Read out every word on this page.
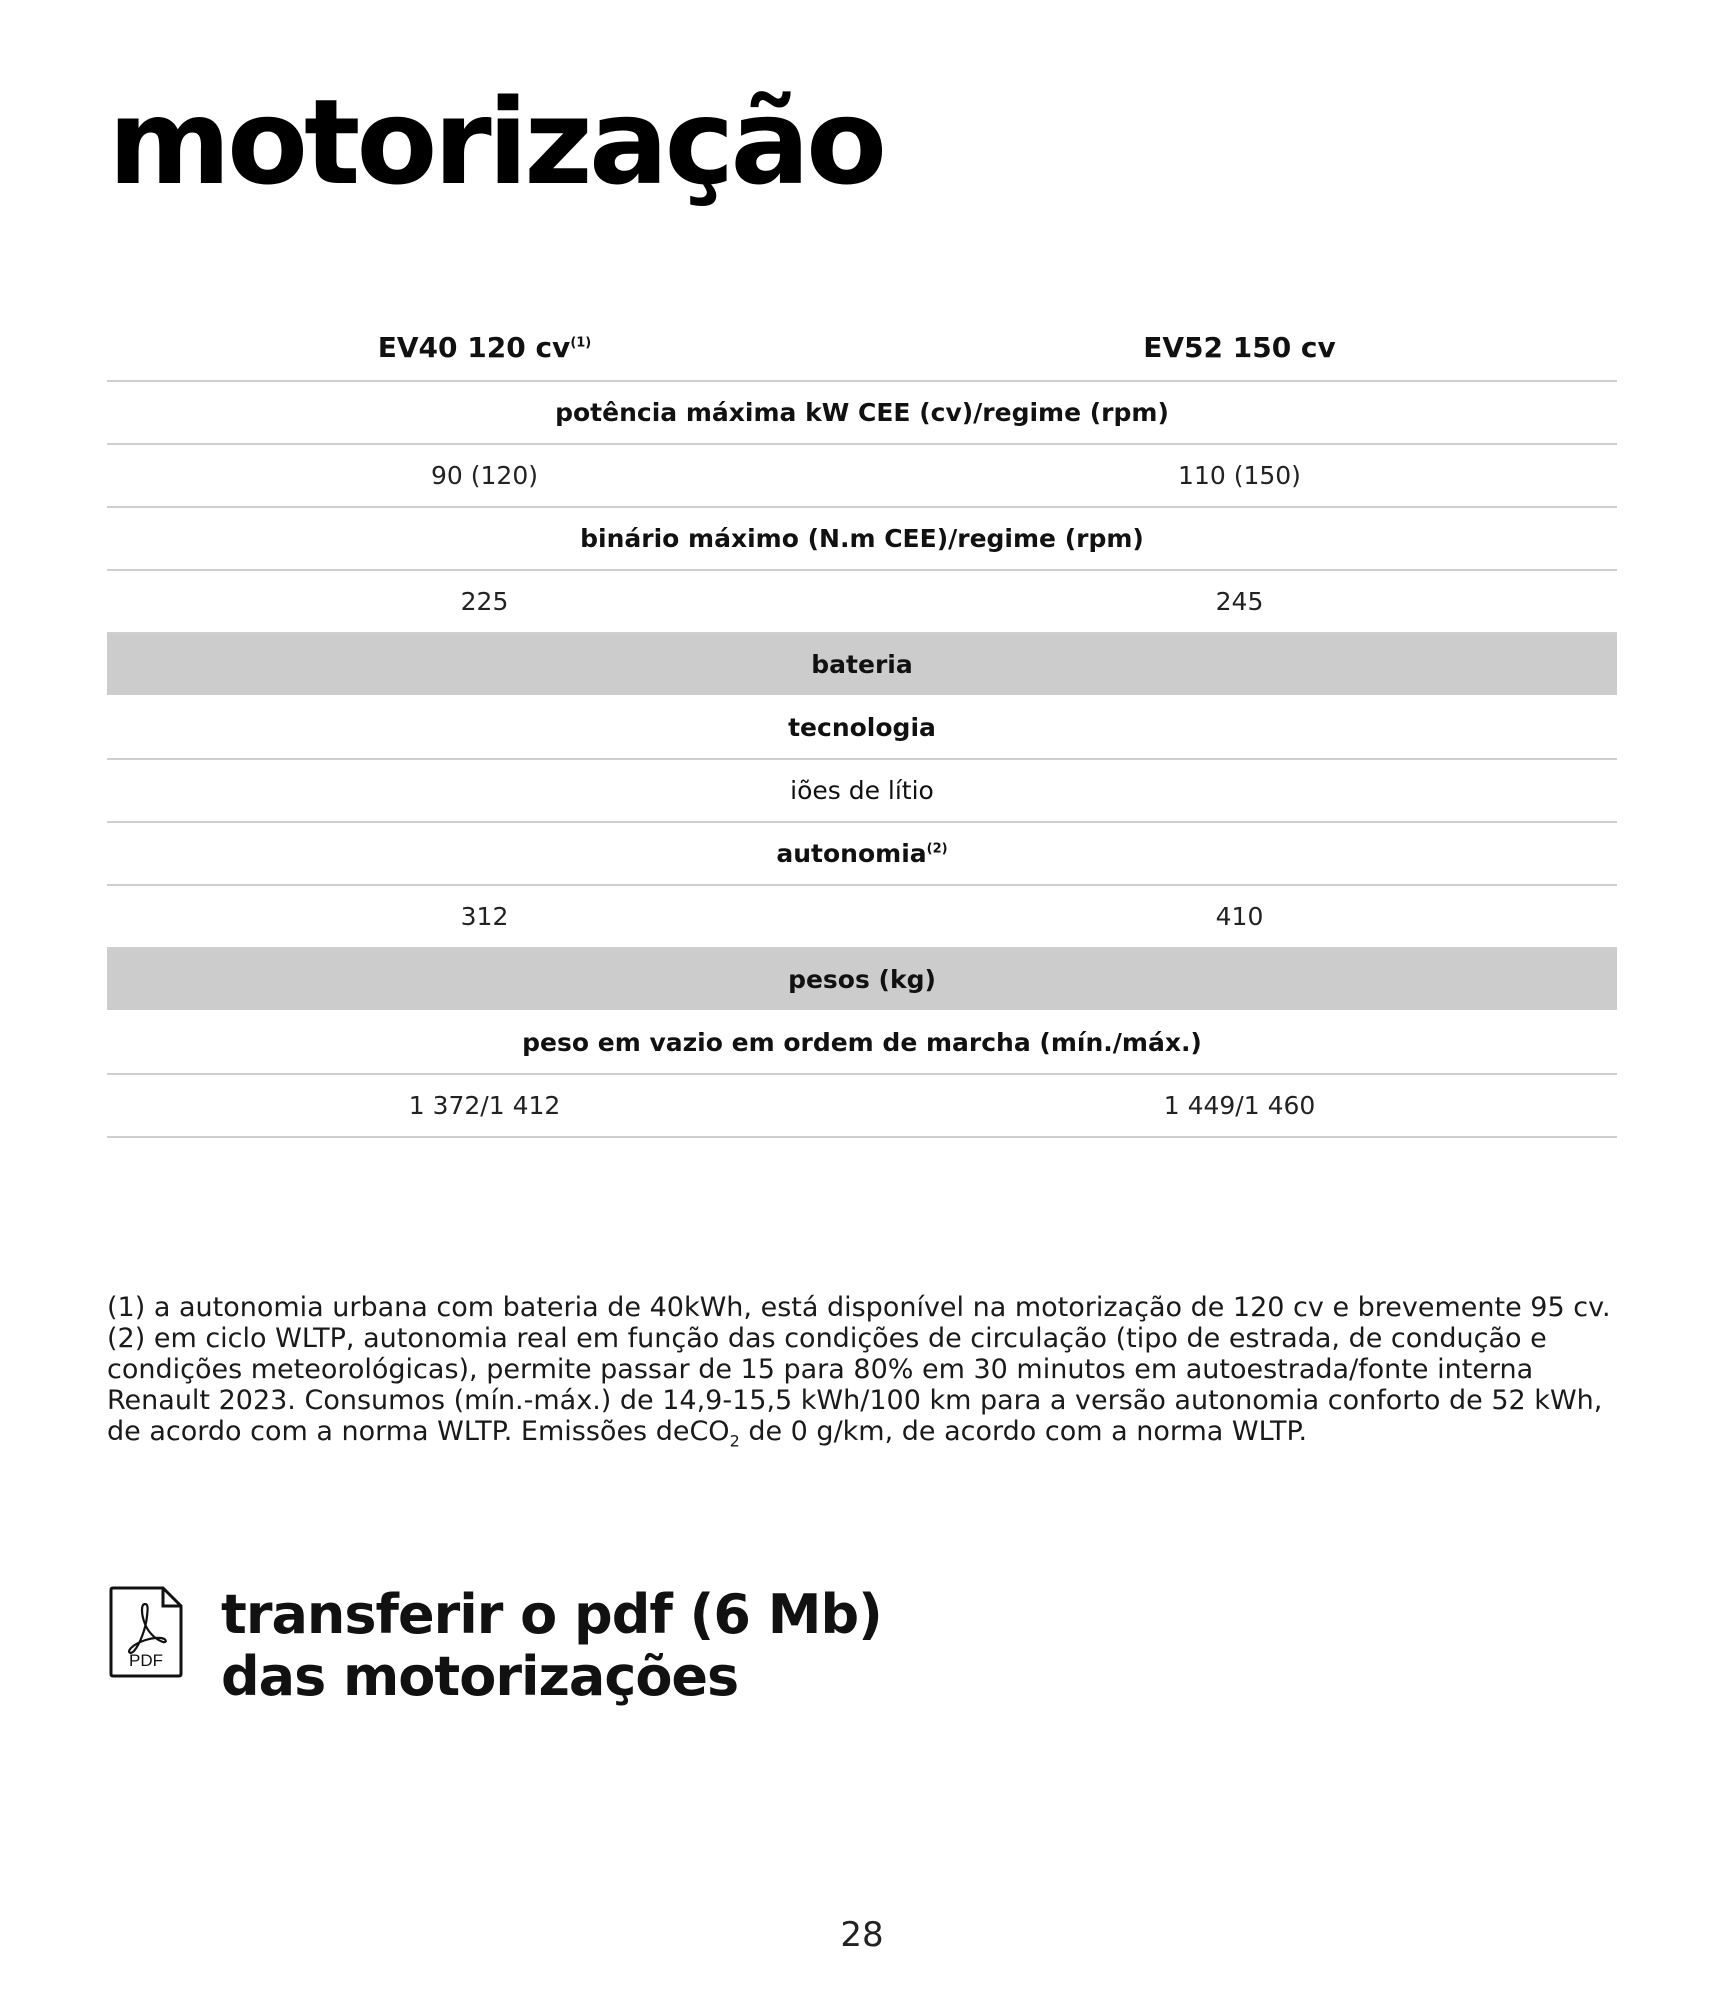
motorização
EV40 120 $cv^{(1)}$	EV52 150 cv
potência máxima kW CEE (cv)/regime (rpm)
90 (120)	110 (150)
binário máximo (N.m CEE)/regime (rpm)
225	245
bateria
tecnologia
iões de lítio
autonomia$^{(2)}$
312	410
pesos (kg)
peso em vazio em ordem de marcha (mín./máx.)
1 372/1 412	1 449/1 460

(1) a autonomia urbana com bateria de 40kWh, está disponível na motorização de 120 cv e brevemente 95 cv.

(2) em ciclo WLTP, autonomia real em função das condições de circulação (tipo de estrada, de condução e condições meteorológicas), permite passar de 15 para 80% em 30 minutos em autoestrada/fonte interna Renault 2023. Consumos (mín.-máx.) de 14,9-15,5 kWh/100 km para a versão autonomia conforto de 52 kWh, de acordo com a norma WLTP. Emissões deCO$_2$ de 0 g/km, de acordo com a norma WLTP.

PDF
transferir o pdf (6 Mb)
das motorizações
28
